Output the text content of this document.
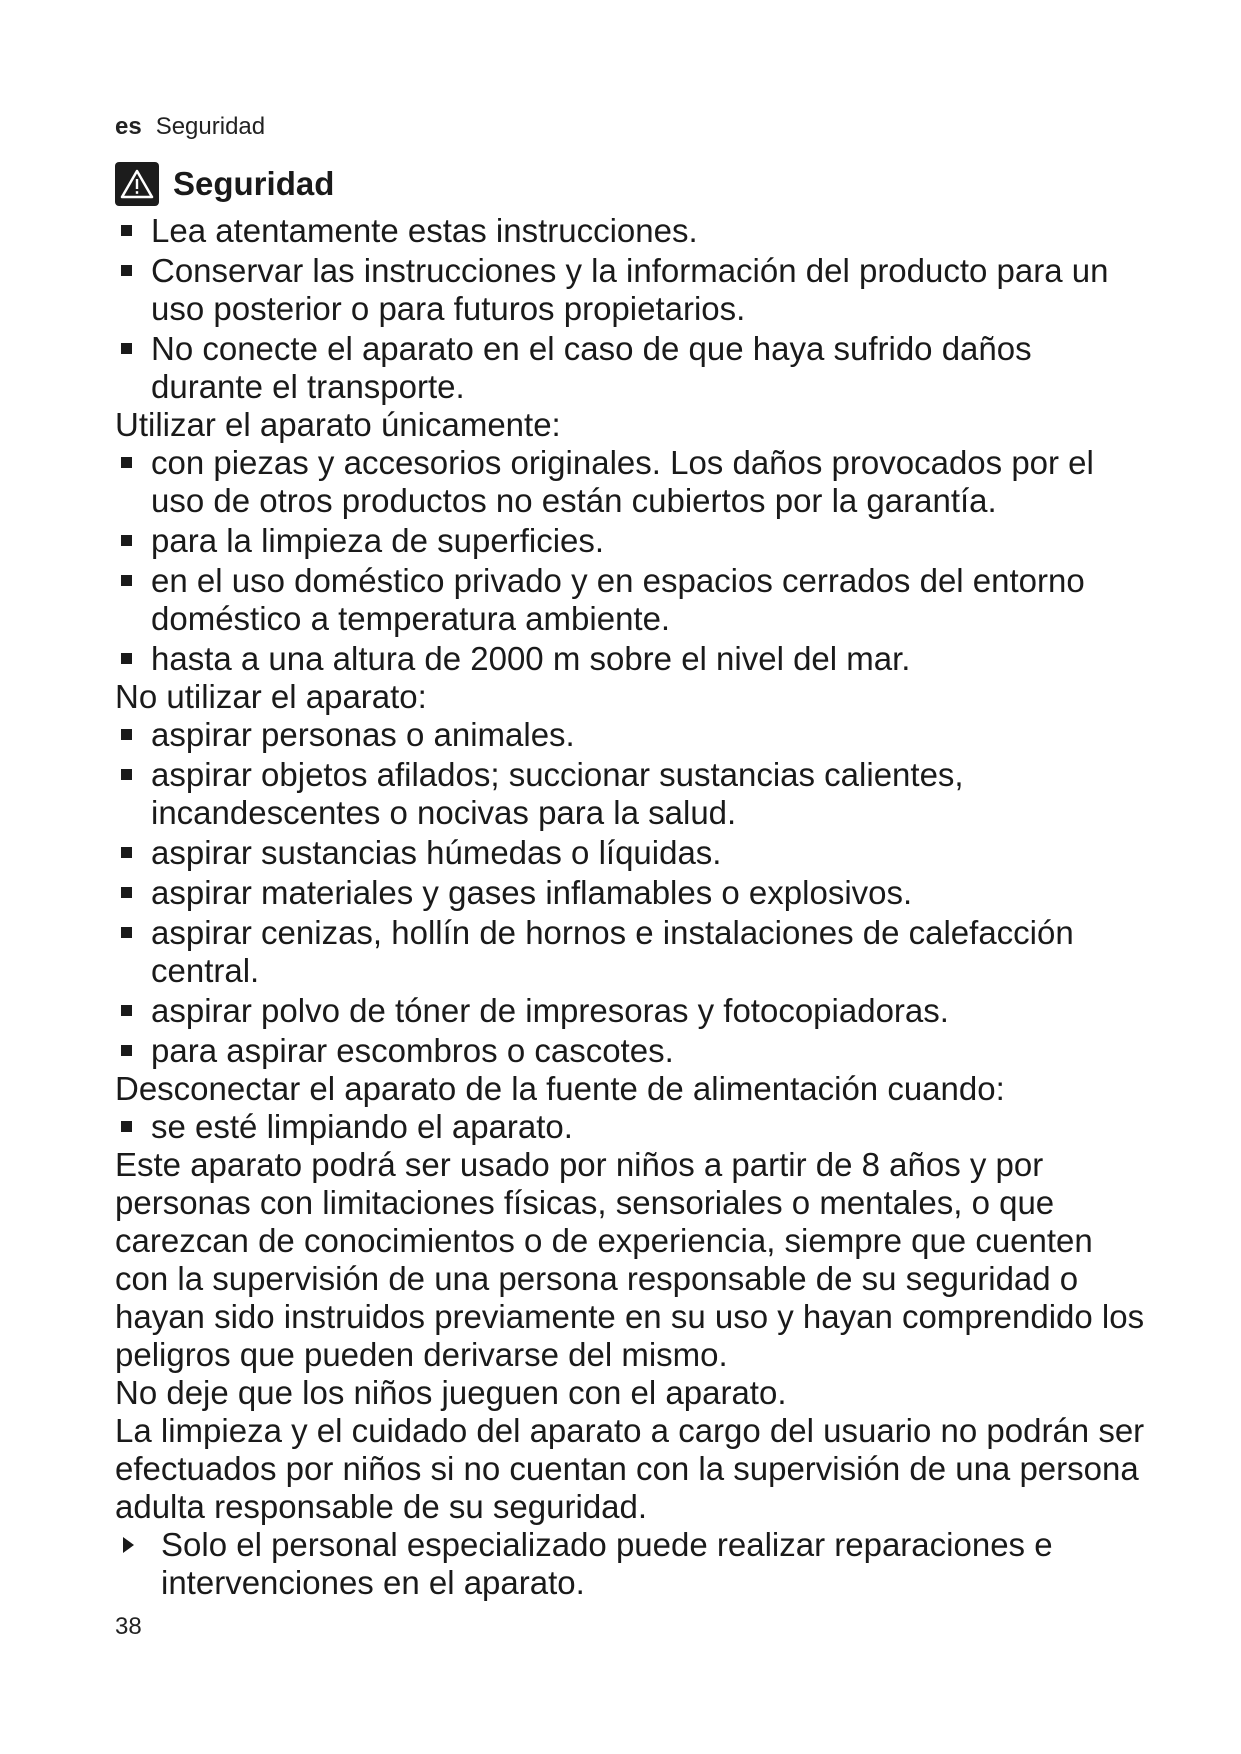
es Seguridad
Seguridad
Lea atentamente estas instrucciones.
Conservar las instrucciones y la información del producto para un uso posterior o para futuros propietarios.
No conecte el aparato en el caso de que haya sufrido daños durante el transporte.

Utilizar el aparato únicamente:

con piezas y accesorios originales. Los daños provocados por el uso de otros productos no están cubiertos por la garantía.
para la limpieza de superficies.
en el uso doméstico privado y en espacios cerrados del entorno doméstico a temperatura ambiente.
hasta a una altura de 2000 m sobre el nivel del mar.

No utilizar el aparato:

aspirar personas o animales.
aspirar objetos afilados; succionar sustancias calientes, incandescentes o nocivas para la salud.
aspirar sustancias húmedas o líquidas.
aspirar materiales y gases inflamables o explosivos.
aspirar cenizas, hollín de hornos e instalaciones de calefacción central.
aspirar polvo de tóner de impresoras y fotocopiadoras.
para aspirar escombros o cascotes.

Desconectar el aparato de la fuente de alimentación cuando:

se esté limpiando el aparato.

Este aparato podrá ser usado por niños a partir de 8 años y por personas con limitaciones físicas, sensoriales o mentales, o que carezcan de conocimientos o de experiencia, siempre que cuenten con la supervisión de una persona responsable de su seguridad o hayan sido instruidos previamente en su uso y hayan comprendido los peligros que pueden derivarse del mismo.

No deje que los niños jueguen con el aparato.

La limpieza y el cuidado del aparato a cargo del usuario no podrán ser efectuados por niños si no cuentan con la supervisión de una persona adulta responsable de su seguridad.

Solo el personal especializado puede realizar reparaciones e intervenciones en el aparato.
38
